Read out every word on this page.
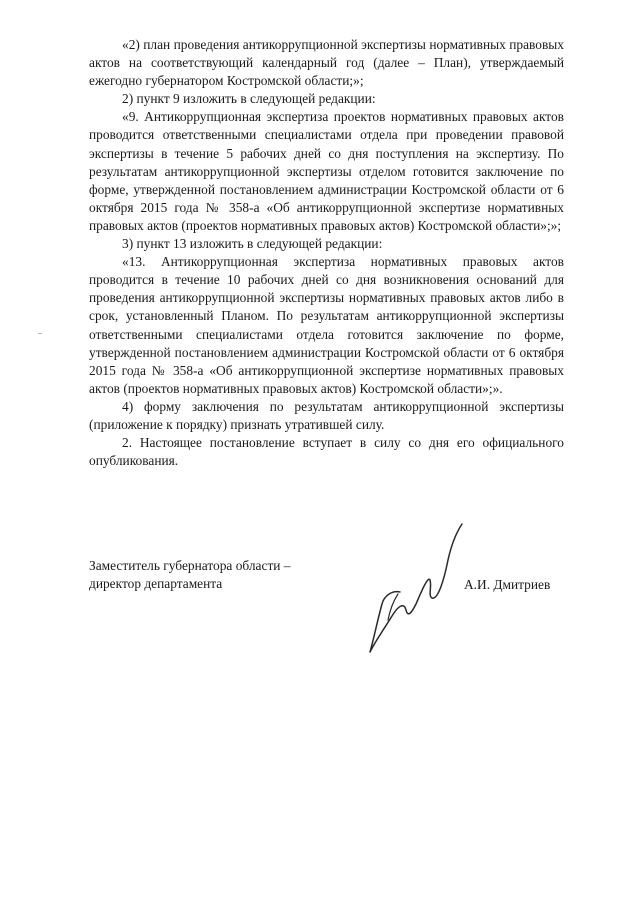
«2) план проведения антикоррупционной экспертизы нормативных правовых актов на соответствующий календарный год (далее – План), утверждаемый ежегодно губернатором Костромской области;»;

2) пункт 9 изложить в следующей редакции:

«9. Антикоррупционная экспертиза проектов нормативных правовых актов проводится ответственными специалистами отдела при проведении правовой экспертизы в течение 5 рабочих дней со дня поступления на экспертизу. По результатам антикоррупционной экспертизы отделом готовится заключение по форме, утвержденной постановлением администрации Костромской области от 6 октября 2015 года № 358-а «Об антикоррупционной экспертизе нормативных правовых актов (проектов нормативных правовых актов) Костромской области»;»;

3) пункт 13 изложить в следующей редакции:

«13. Антикоррупционная экспертиза нормативных правовых актов проводится в течение 10 рабочих дней со дня возникновения оснований для проведения антикоррупционной экспертизы нормативных правовых актов либо в срок, установленный Планом. По результатам антикоррупционной экспертизы ответственными специалистами отдела готовится заключение по форме, утвержденной постановлением администрации Костромской области от 6 октября 2015 года № 358-а «Об антикоррупционной экспертизе нормативных правовых актов (проектов нормативных правовых актов) Костромской области»;».

4) форму заключения по результатам антикоррупционной экспертизы (приложение к порядку) признать утратившей силу.

2. Настоящее постановление вступает в силу со дня его официального опубликования.

Заместитель губернатора области –
директор департамента	А.И. Дмитриев
